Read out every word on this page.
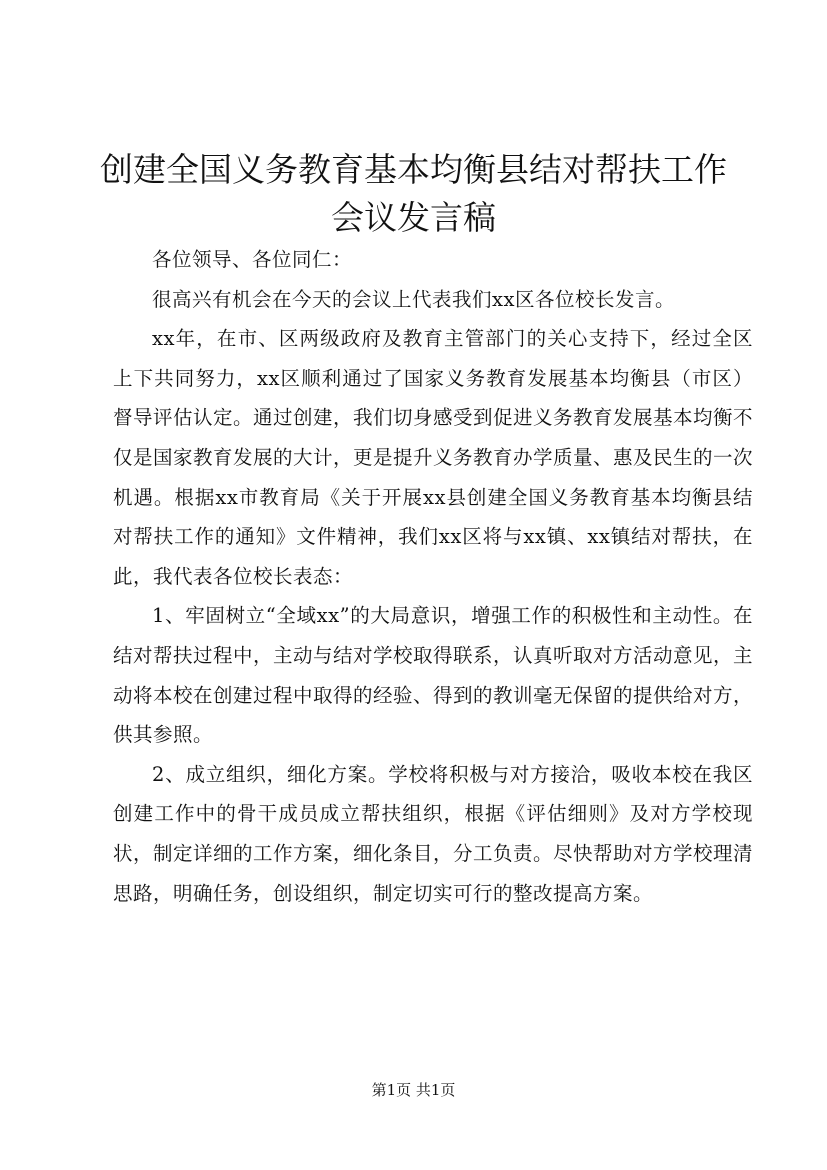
创建全国义务教育基本均衡县结对帮扶工作会议发言稿

各位领导、各位同仁：

很高兴有机会在今天的会议上代表我们xx区各位校长发言。

xx年，在市、区两级政府及教育主管部门的关心支持下，经过全区上下共同努力，xx区顺利通过了国家义务教育发展基本均衡县（市区）督导评估认定。通过创建，我们切身感受到促进义务教育发展基本均衡不仅是国家教育发展的大计，更是提升义务教育办学质量、惠及民生的一次机遇。根据xx市教育局《关于开展xx县创建全国义务教育基本均衡县结对帮扶工作的通知》文件精神，我们xx区将与xx镇、xx镇结对帮扶，在此，我代表各位校长表态：

1、牢固树立“全域xx”的大局意识，增强工作的积极性和主动性。在结对帮扶过程中，主动与结对学校取得联系，认真听取对方活动意见，主动将本校在创建过程中取得的经验、得到的教训毫无保留的提供给对方，供其参照。

2、成立组织，细化方案。学校将积极与对方接洽，吸收本校在我区创建工作中的骨干成员成立帮扶组织，根据《评估细则》及对方学校现状，制定详细的工作方案，细化条目，分工负责。尽快帮助对方学校理清思路，明确任务，创设组织，制定切实可行的整改提高方案。

第1页 共1页
